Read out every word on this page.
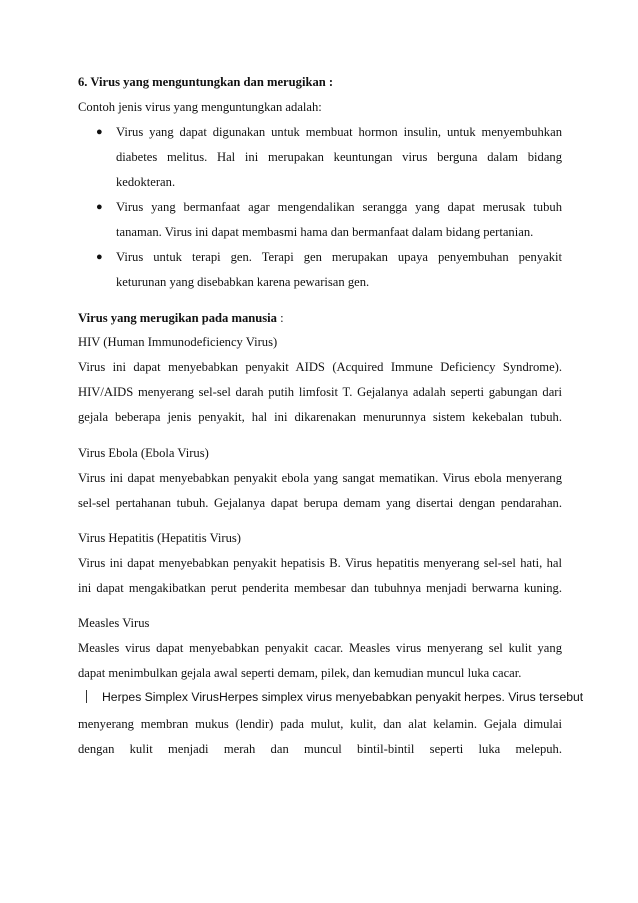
6. Virus yang menguntungkan dan merugikan :
Contoh jenis virus yang menguntungkan adalah:
● Virus yang dapat digunakan untuk membuat hormon insulin, untuk menyembuhkan
diabetes melitus. Hal ini merupakan keuntungan virus berguna dalam bidang
kedokteran.
● Virus yang bermanfaat agar mengendalikan serangga yang dapat merusak tubuh
tanaman. Virus ini dapat membasmi hama dan bermanfaat dalam bidang pertanian.
● Virus untuk terapi gen. Terapi gen merupakan upaya penyembuhan penyakit
keturunan yang disebabkan karena pewarisan gen.
Virus yang merugikan pada manusia :
HIV (Human Immunodeficiency Virus)
Virus ini dapat menyebabkan penyakit AIDS (Acquired Immune Deficiency Syndrome).
HIV/AIDS menyerang sel-sel darah putih limfosit T. Gejalanya adalah seperti gabungan dari
gejala beberapa jenis penyakit, hal ini dikarenakan menurunnya sistem kekebalan tubuh.
Virus Ebola (Ebola Virus)
Virus ini dapat menyebabkan penyakit ebola yang sangat mematikan. Virus ebola menyerang
sel-sel pertahanan tubuh. Gejalanya dapat berupa demam yang disertai dengan pendarahan.
Virus Hepatitis (Hepatitis Virus)
Virus ini dapat menyebabkan penyakit hepatisis B. Virus hepatitis menyerang sel-sel hati, hal
ini dapat mengakibatkan perut penderita membesar dan tubuhnya menjadi berwarna kuning.
Measles Virus
Measles virus dapat menyebabkan penyakit cacar. Measles virus menyerang sel kulit yang
dapat menimbulkan gejala awal seperti demam, pilek, dan kemudian muncul luka cacar.
Herpes Simplex VirusHerpes simplex virus menyebabkan penyakit herpes. Virus tersebut
menyerang membran mukus (lendir) pada mulut, kulit, dan alat kelamin. Gejala dimulai
dengan kulit menjadi merah dan muncul bintil-bintil seperti luka melepuh.
